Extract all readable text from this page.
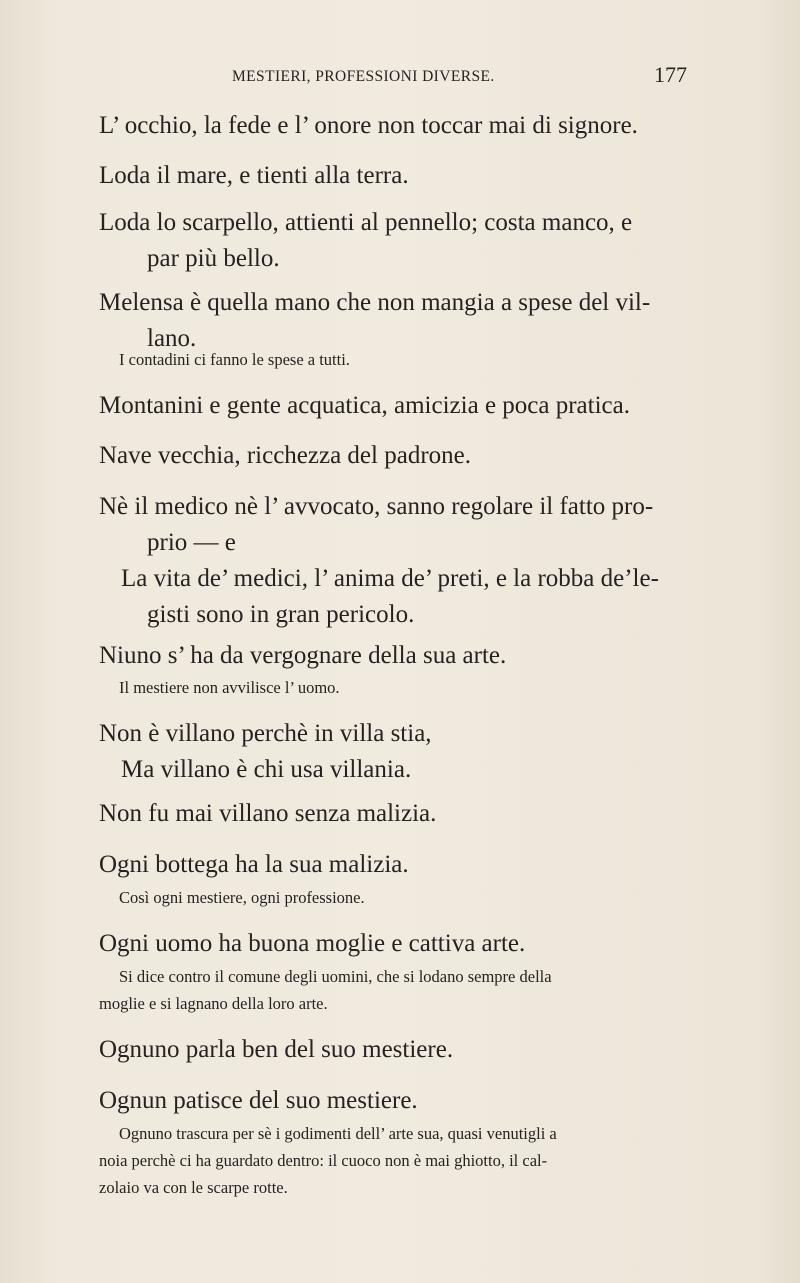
MESTIERI, PROFESSIONI DIVERSE.	177
L’ occhio, la fede e l’ onore non toccar mai di signore.
Loda il mare, e tienti alla terra.
Loda lo scarpello, attienti al pennello; costa manco, e
par più bello.
Melensa è quella mano che non mangia a spese del vil-
lano.
I contadini ci fanno le spese a tutti.
Montanini e gente acquatica, amicizia e poca pratica.
Nave vecchia, ricchezza del padrone.
Nè il medico nè l’ avvocato, sanno regolare il fatto pro-
prio — e
La vita de’ medici, l’ anima de’ preti, e la robba de’le-
gisti sono in gran pericolo.
Niuno s’ ha da vergognare della sua arte.
Il mestiere non avvilisce l’ uomo.
Non è villano perchè in villa stia,
Ma villano è chi usa villania.
Non fu mai villano senza malizia.
Ogni bottega ha la sua malizia.
Così ogni mestiere, ogni professione.
Ogni uomo ha buona moglie e cattiva arte.
Si dice contro il comune degli uomini, che si lodano sempre della
moglie e si lagnano della loro arte.
Ognuno parla ben del suo mestiere.
Ognun patisce del suo mestiere.
Ognuno trascura per sè i godimenti dell’ arte sua, quasi venutigli a
noia perchè ci ha guardato dentro: il cuoco non è mai ghiotto, il cal-
zolaio va con le scarpe rotte.
